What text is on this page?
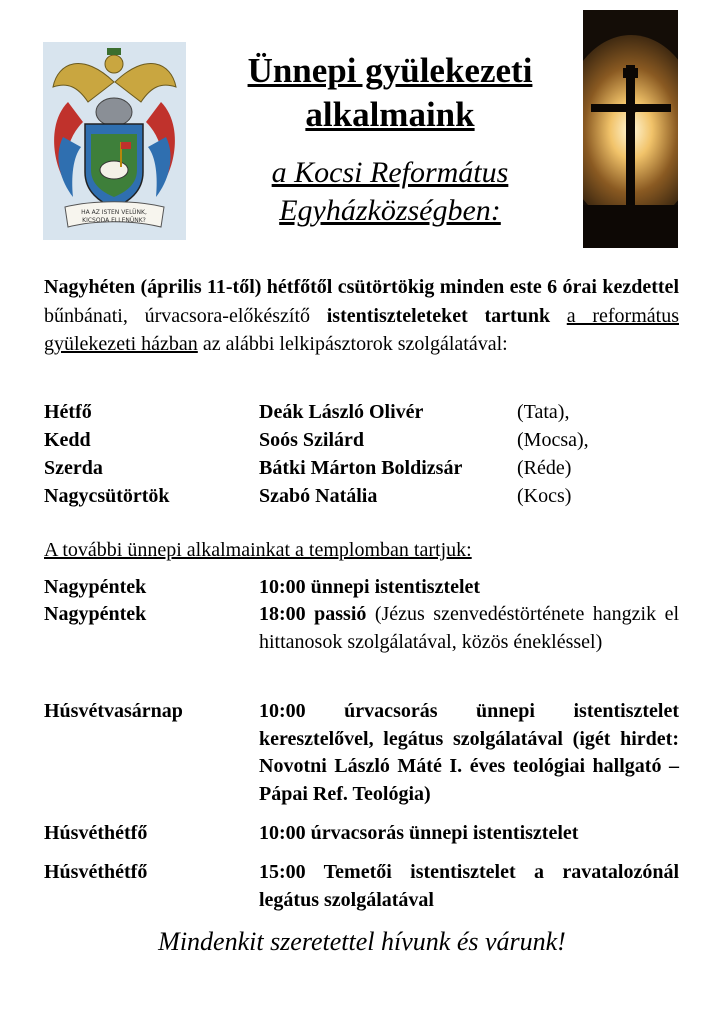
HA AZ ISTEN VELÜNK,
KICSODA ELLENÜNK?
Ünnepi gyülekezeti
alkalmaink
a Kocsi Református
Egyházközségben:
Nagyhéten (április 11-től) hétfőtől csütörtökig minden este 6 órai kezdettel bűnbánati, úrvacsora-előkészítő istentiszteleteket tartunk a református gyülekezeti házban az alábbi lelkipásztorok szolgálatával:
Hétfő	Deák László Olivér	(Tata),
Kedd	Soós Szilárd	(Mocsa),
Szerda	Bátki Márton Boldizsár	(Réde)
Nagycsütörtök	Szabó Natália	(Kocs)
A további ünnepi alkalmainkat a templomban tartjuk:
Nagypéntek	10:00 ünnepi istentisztelet
Nagypéntek	18:00 passió (Jézus szenvedéstörténete hangzik el hittanosok szolgálatával, közös énekléssel)
Húsvétvasárnap	10:00 úrvacsorás ünnepi istentisztelet keresztelővel, legátus szolgálatával (igét hirdet: Novotni László Máté I. éves teológiai hallgató – Pápai Ref. Teológia)
Húsvéthétfő	10:00 úrvacsorás ünnepi istentisztelet
Húsvéthétfő	15:00 Temetői istentisztelet a ravatalozónál legátus szolgálatával
Mindenkit szeretettel hívunk és várunk!
